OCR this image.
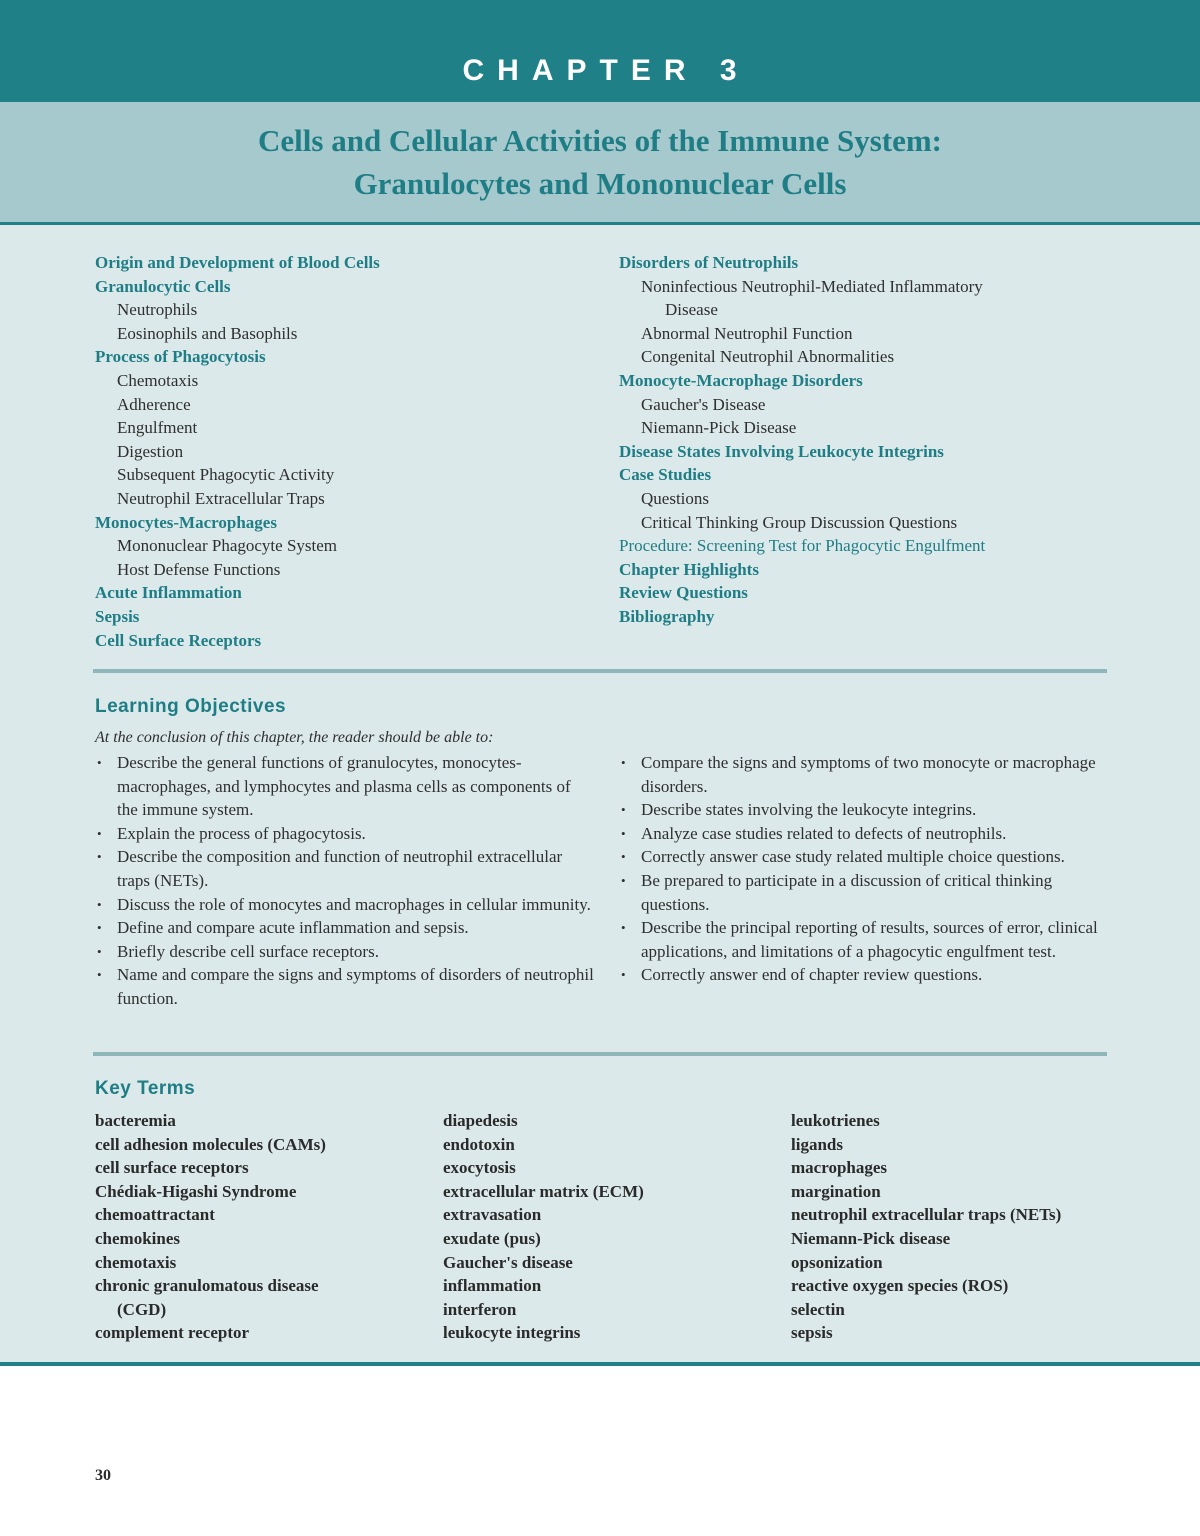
CHAPTER 3
Cells and Cellular Activities of the Immune System:
Granulocytes and Mononuclear Cells
Origin and Development of Blood Cells
Granulocytic Cells
Neutrophils
Eosinophils and Basophils
Process of Phagocytosis
Chemotaxis
Adherence
Engulfment
Digestion
Subsequent Phagocytic Activity
Neutrophil Extracellular Traps
Monocytes-Macrophages
Mononuclear Phagocyte System
Host Defense Functions
Acute Inflammation
Sepsis
Cell Surface Receptors
Disorders of Neutrophils
Noninfectious Neutrophil-Mediated Inflammatory
Disease
Abnormal Neutrophil Function
Congenital Neutrophil Abnormalities
Monocyte-Macrophage Disorders
Gaucher's Disease
Niemann-Pick Disease
Disease States Involving Leukocyte Integrins
Case Studies
Questions
Critical Thinking Group Discussion Questions
Procedure: Screening Test for Phagocytic Engulfment
Chapter Highlights
Review Questions
Bibliography
Learning Objectives
At the conclusion of this chapter, the reader should be able to:
• Describe the general functions of granulocytes, monocytes-macrophages, and lymphocytes and plasma cells as components of the immune system.
• Explain the process of phagocytosis.
• Describe the composition and function of neutrophil extracellular traps (NETs).
• Discuss the role of monocytes and macrophages in cellular immunity.
• Define and compare acute inflammation and sepsis.
• Briefly describe cell surface receptors.
• Name and compare the signs and symptoms of disorders of neutrophil function.
• Compare the signs and symptoms of two monocyte or macrophage disorders.
• Describe states involving the leukocyte integrins.
• Analyze case studies related to defects of neutrophils.
• Correctly answer case study related multiple choice questions.
• Be prepared to participate in a discussion of critical thinking questions.
• Describe the principal reporting of results, sources of error, clinical applications, and limitations of a phagocytic engulfment test.
• Correctly answer end of chapter review questions.
Key Terms
bacteremia
cell adhesion molecules (CAMs)
cell surface receptors
Chédiak-Higashi Syndrome
chemoattractant
chemokines
chemotaxis
chronic granulomatous disease
(CGD)
complement receptor
diapedesis
endotoxin
exocytosis
extracellular matrix (ECM)
extravasation
exudate (pus)
Gaucher's disease
inflammation
interferon
leukocyte integrins
leukotrienes
ligands
macrophages
margination
neutrophil extracellular traps (NETs)
Niemann-Pick disease
opsonization
reactive oxygen species (ROS)
selectin
sepsis
30
